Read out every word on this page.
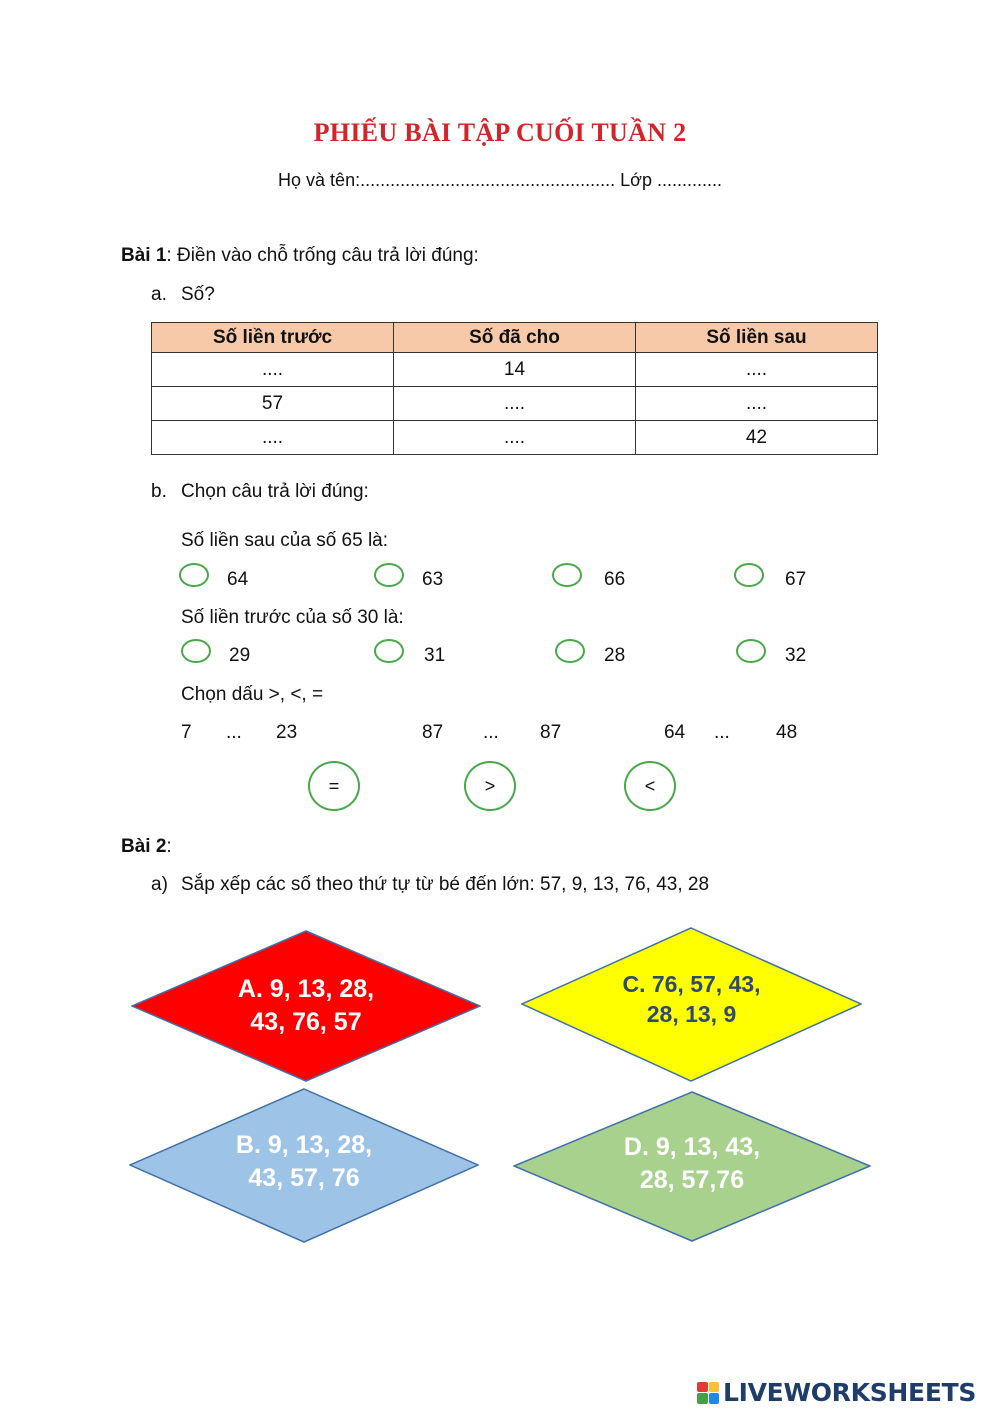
PHIẾU BÀI TẬP CUỐI TUẦN 2
Họ và tên:................................................... Lớp .............
Bài 1: Điền vào chỗ trống câu trả lời đúng:
a. Số?
Số liền trước	Số đã cho	Số liền sau
....	14	....
57	....	....
....	....	42
b. Chọn câu trả lời đúng:
Số liền sau của số 65 là:
64	63	66	67
Số liền trước của số 30 là:
29	31	28	32
Chọn dấu >, <, =
7 ... 23	87 ... 87	64 ... 48
=	>	<
Bài 2:
a) Sắp xếp các số theo thứ tự từ bé đến lớn: 57, 9, 13, 76, 43, 28
A. 9, 13, 28, 43, 76, 57
C. 76, 57, 43, 28, 13, 9
B. 9, 13, 28, 43, 57, 76
D. 9, 13, 43, 28, 57,76
LIVEWORKSHEETS
